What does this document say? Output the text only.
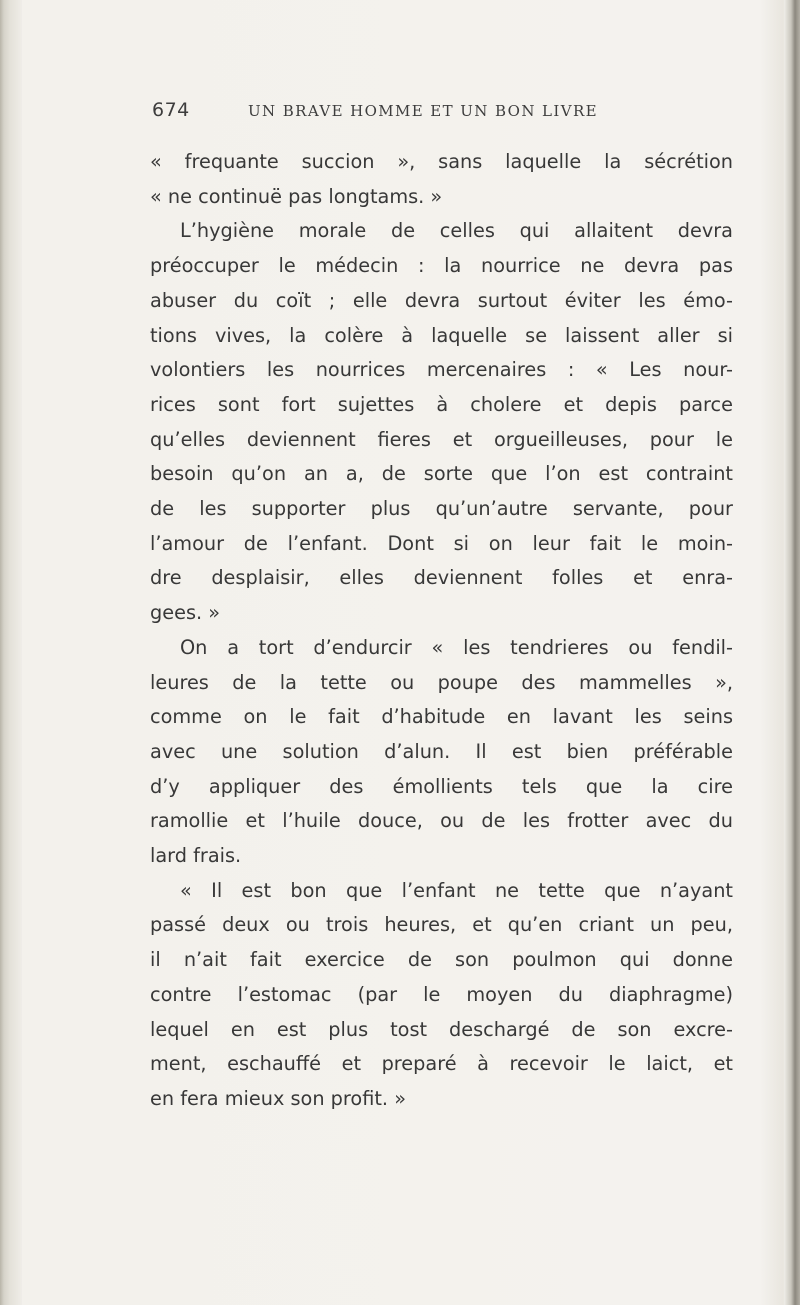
674	UN BRAVE HOMME ET UN BON LIVRE
« frequante succion », sans laquelle la sécrétion
« ne continuë pas longtams. »
L’hygiène morale de celles qui allaitent devra
préoccuper le médecin : la nourrice ne devra pas
abuser du coït ; elle devra surtout éviter les émo-
tions vives, la colère à laquelle se laissent aller si
volontiers les nourrices mercenaires : « Les nour-
rices sont fort sujettes à cholere et depis parce
qu’elles deviennent fieres et orgueilleuses, pour le
besoin qu’on an a, de sorte que l’on est contraint
de les supporter plus qu’un’autre servante, pour
l’amour de l’enfant. Dont si on leur fait le moin-
dre desplaisir, elles deviennent folles et enra-
gees. »
On a tort d’endurcir « les tendrieres ou fendil-
leures de la tette ou poupe des mammelles »,
comme on le fait d’habitude en lavant les seins
avec une solution d’alun. Il est bien préférable
d’y appliquer des émollients tels que la cire
ramollie et l’huile douce, ou de les frotter avec du
lard frais.
« Il est bon que l’enfant ne tette que n’ayant
passé deux ou trois heures, et qu’en criant un peu,
il n’ait fait exercice de son poulmon qui donne
contre l’estomac (par le moyen du diaphragme)
lequel en est plus tost deschargé de son excre-
ment, eschauffé et preparé à recevoir le laict, et
en fera mieux son profit. »
